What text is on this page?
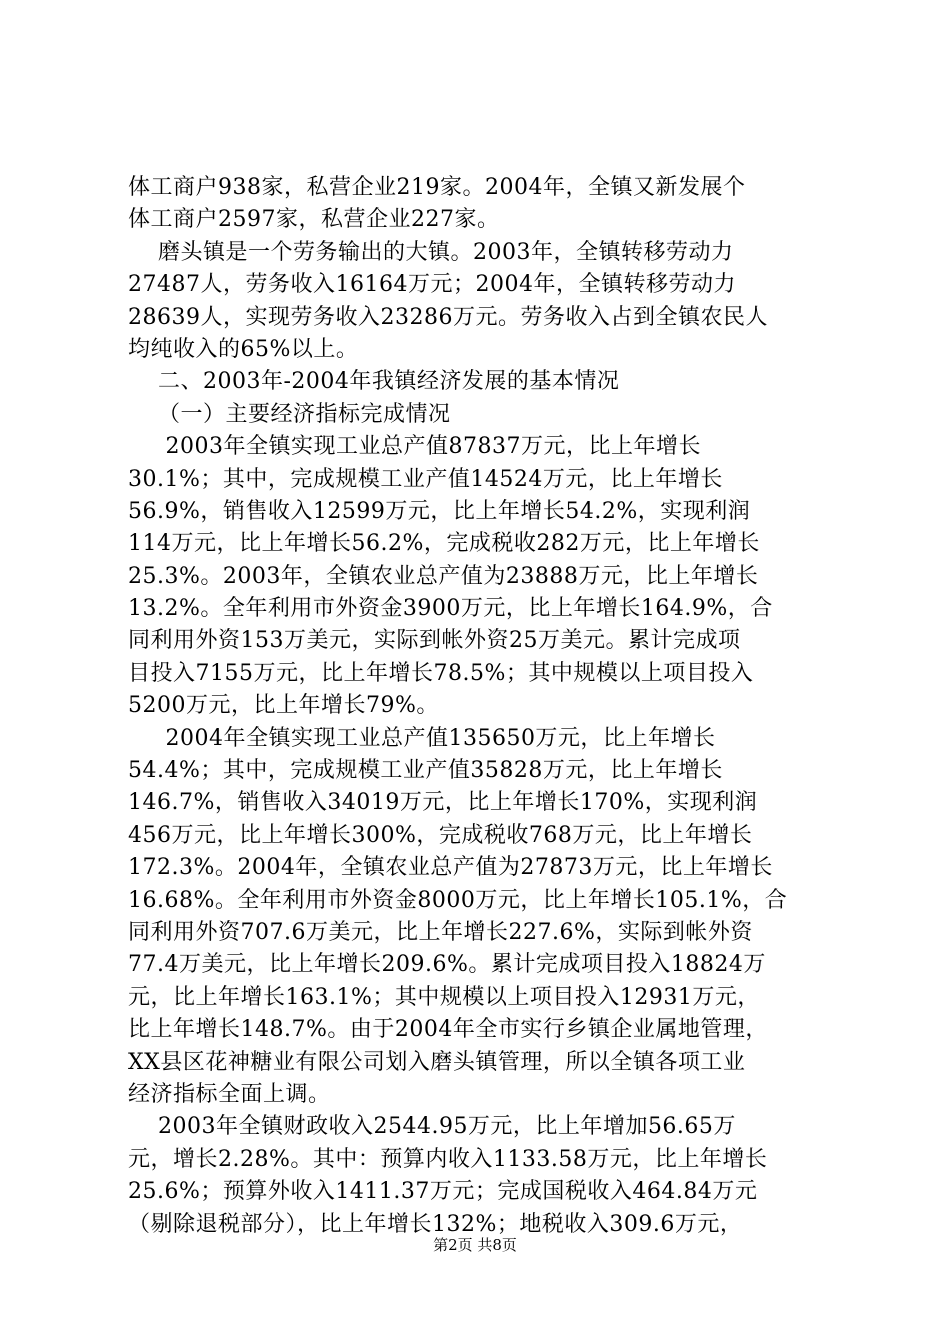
体工商户938家，私营企业219家。2004年，全镇又新发展个
体工商户2597家，私营企业227家。
磨头镇是一个劳务输出的大镇。2003年，全镇转移劳动力
27487人，劳务收入16164万元；2004年，全镇转移劳动力
28639人，实现劳务收入23286万元。劳务收入占到全镇农民人
均纯收入的65%以上。
二、2003年-2004年我镇经济发展的基本情况
（一）主要经济指标完成情况
2003年全镇实现工业总产值87837万元，比上年增长
30.1%；其中，完成规模工业产值14524万元，比上年增长
56.9%，销售收入12599万元，比上年增长54.2%，实现利润
114万元，比上年增长56.2%，完成税收282万元，比上年增长
25.3%。2003年，全镇农业总产值为23888万元，比上年增长
13.2%。全年利用市外资金3900万元，比上年增长164.9%，合
同利用外资153万美元，实际到帐外资25万美元。累计完成项
目投入7155万元，比上年增长78.5%；其中规模以上项目投入
5200万元，比上年增长79%。
2004年全镇实现工业总产值135650万元，比上年增长
54.4%；其中，完成规模工业产值35828万元，比上年增长
146.7%，销售收入34019万元，比上年增长170%，实现利润
456万元，比上年增长300%，完成税收768万元，比上年增长
172.3%。2004年，全镇农业总产值为27873万元，比上年增长
16.68%。全年利用市外资金8000万元，比上年增长105.1%，合
同利用外资707.6万美元，比上年增长227.6%，实际到帐外资
77.4万美元，比上年增长209.6%。累计完成项目投入18824万
元，比上年增长163.1%；其中规模以上项目投入12931万元，
比上年增长148.7%。由于2004年全市实行乡镇企业属地管理，
XX县区花神糖业有限公司划入磨头镇管理，所以全镇各项工业
经济指标全面上调。
2003年全镇财政收入2544.95万元，比上年增加56.65万
元，增长2.28%。其中：预算内收入1133.58万元，比上年增长
25.6%；预算外收入1411.37万元；完成国税收入464.84万元
（剔除退税部分），比上年增长132%；地税收入309.6万元，
第2页 共8页
